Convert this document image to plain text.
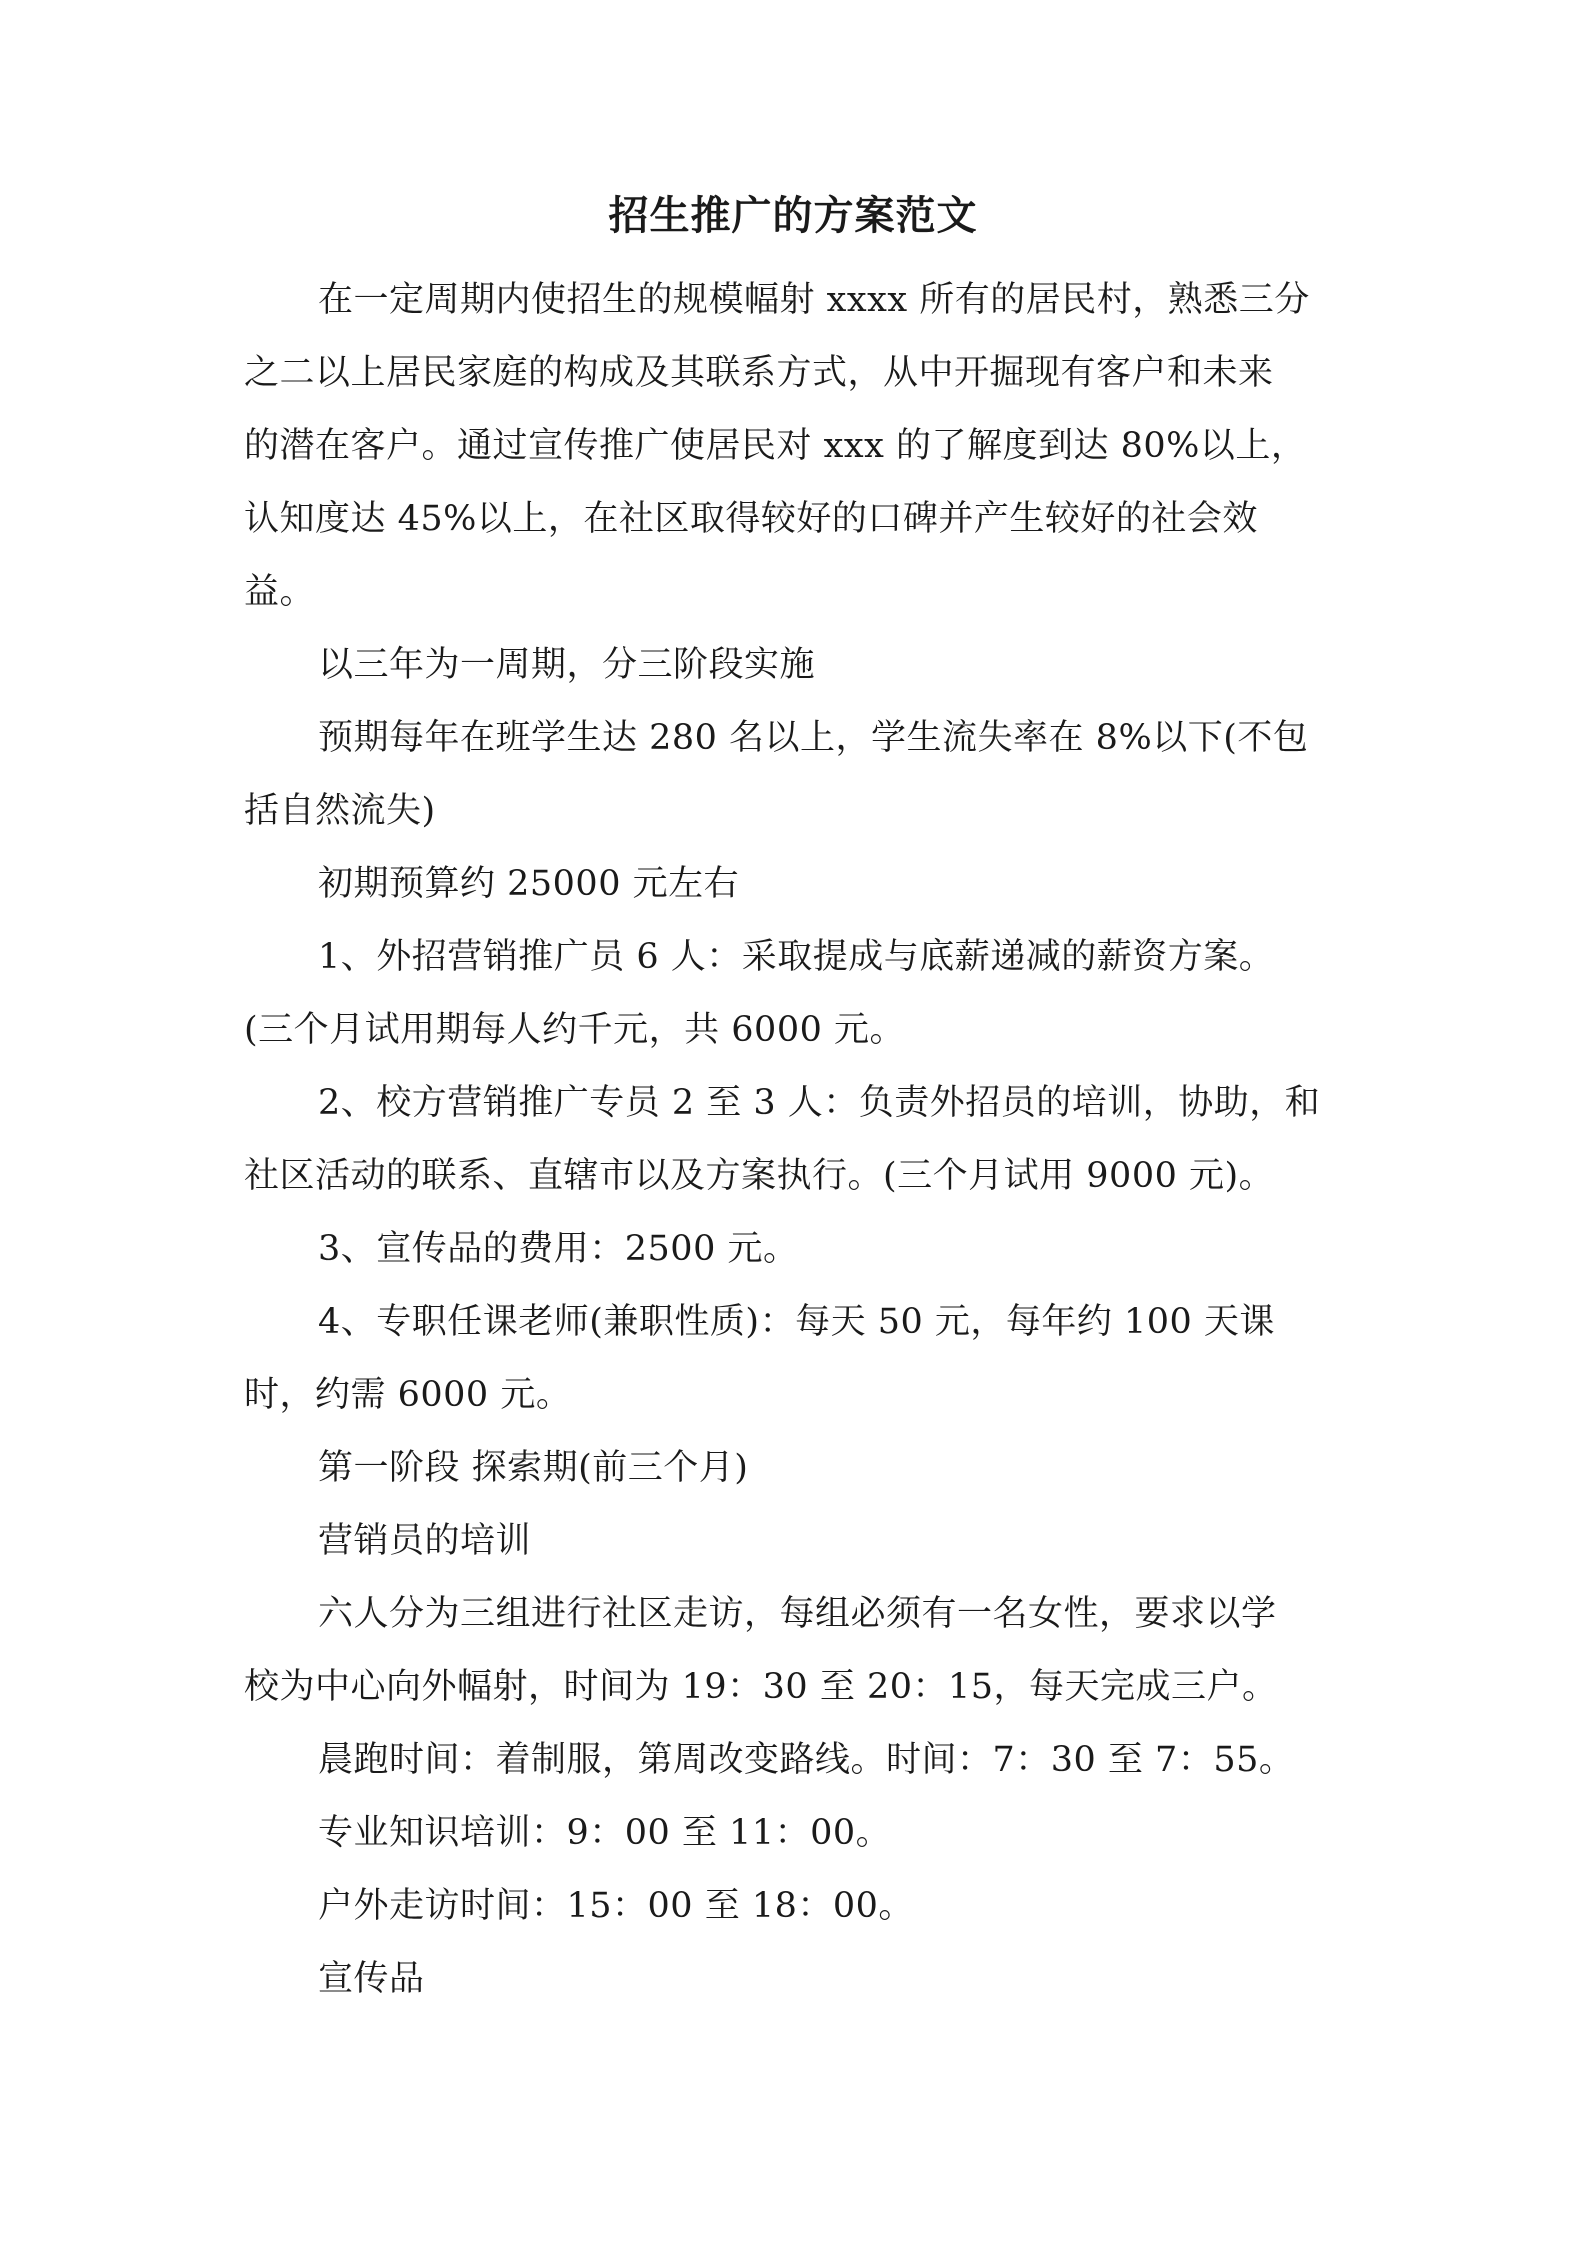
招生推广的方案范文

在一定周期内使招生的规模幅射 xxxx 所有的居民村，熟悉三分

之二以上居民家庭的构成及其联系方式，从中开掘现有客户和未来

的潜在客户。通过宣传推广使居民对 xxx 的了解度到达 80%以上，

认知度达 45%以上，在社区取得较好的口碑并产生较好的社会效

益。

以三年为一周期，分三阶段实施

预期每年在班学生达 280 名以上，学生流失率在 8%以下(不包

括自然流失)

初期预算约 25000 元左右

1、外招营销推广员 6 人：采取提成与底薪递减的薪资方案。

(三个月试用期每人约千元，共 6000 元。

2、校方营销推广专员 2 至 3 人：负责外招员的培训，协助，和

社区活动的联系、直辖市以及方案执行。(三个月试用 9000 元)。

3、宣传品的费用：2500 元。

4、专职任课老师(兼职性质)：每天 50 元，每年约 100 天课

时，约需 6000 元。

第一阶段 探索期(前三个月)

营销员的培训

六人分为三组进行社区走访，每组必须有一名女性，要求以学

校为中心向外幅射，时间为 19：30 至 20：15，每天完成三户。

晨跑时间：着制服，第周改变路线。时间：7：30 至 7：55。

专业知识培训：9：00 至 11：00。

户外走访时间：15：00 至 18：00。

宣传品
